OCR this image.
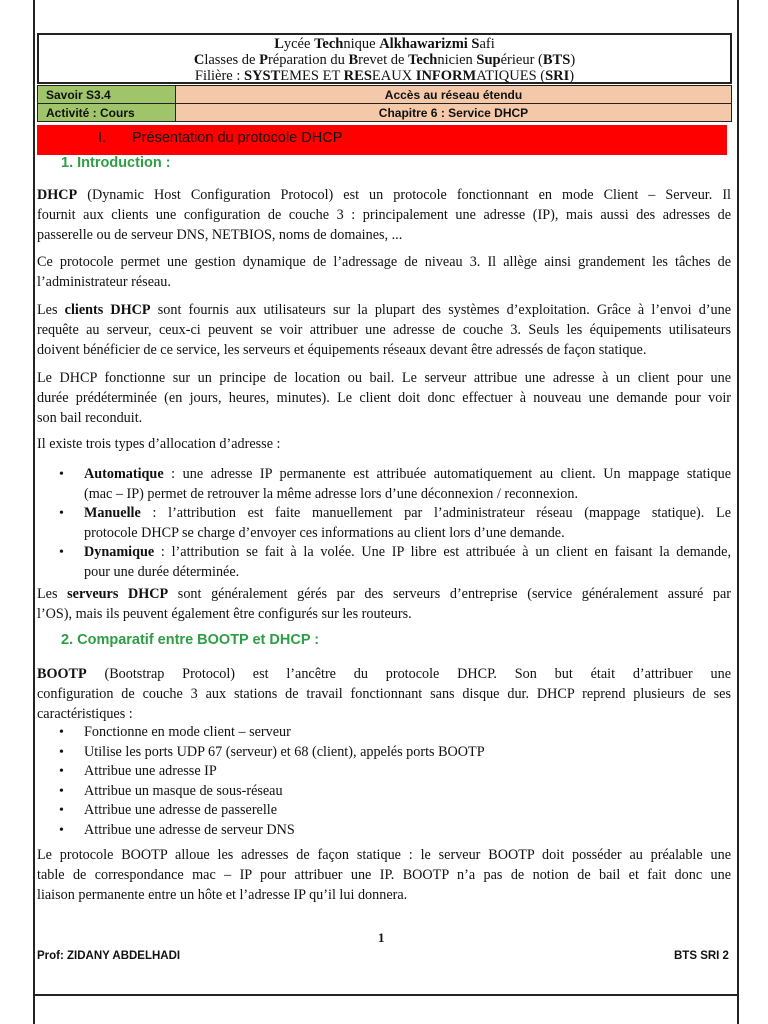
Lycée Technique Alkhawarizmi Safi
Classes de Préparation du Brevet de Technicien Supérieur (BTS)
Filière : SYSTEMES ET RESEAUX INFORMATIQUES (SRI)
Savoir S3.4	Accès au réseau étendu
Activité : Cours	Chapitre 6 : Service DHCP
I. Présentation du protocole DHCP
1. Introduction :

DHCP (Dynamic Host Configuration Protocol) est un protocole fonctionnant en mode Client – Serveur. Il
fournit aux clients une configuration de couche 3 : principalement une adresse (IP), mais aussi des adresses de
passerelle ou de serveur DNS, NETBIOS, noms de domaines, ...

Ce protocole permet une gestion dynamique de l’adressage de niveau 3. Il allège ainsi grandement les tâches de
l’administrateur réseau.

Les clients DHCP sont fournis aux utilisateurs sur la plupart des systèmes d’exploitation. Grâce à l’envoi d’une
requête au serveur, ceux-ci peuvent se voir attribuer une adresse de couche 3. Seuls les équipements utilisateurs
doivent bénéficier de ce service, les serveurs et équipements réseaux devant être adressés de façon statique.

Le DHCP fonctionne sur un principe de location ou bail. Le serveur attribue une adresse à un client pour une
durée prédéterminée (en jours, heures, minutes). Le client doit donc effectuer à nouveau une demande pour voir
son bail reconduit.

Il existe trois types d’allocation d’adresse :

• Automatique : une adresse IP permanente est attribuée automatiquement au client. Un mappage statique
(mac – IP) permet de retrouver la même adresse lors d’une déconnexion / reconnexion.
• Manuelle : l’attribution est faite manuellement par l’administrateur réseau (mappage statique). Le
protocole DHCP se charge d’envoyer ces informations au client lors d’une demande.
• Dynamique : l’attribution se fait à la volée. Une IP libre est attribuée à un client en faisant la demande,
pour une durée déterminée.

Les serveurs DHCP sont généralement gérés par des serveurs d’entreprise (service généralement assuré par
l’OS), mais ils peuvent également être configurés sur les routeurs.

2. Comparatif entre BOOTP et DHCP :

BOOTP (Bootstrap Protocol) est l’ancêtre du protocole DHCP. Son but était d’attribuer une
configuration de couche 3 aux stations de travail fonctionnant sans disque dur. DHCP reprend plusieurs de ses
caractéristiques :

• Fonctionne en mode client – serveur
• Utilise les ports UDP 67 (serveur) et 68 (client), appelés ports BOOTP
• Attribue une adresse IP
• Attribue un masque de sous-réseau
• Attribue une adresse de passerelle
• Attribue une adresse de serveur DNS

Le protocole BOOTP alloue les adresses de façon statique : le serveur BOOTP doit posséder au préalable une
table de correspondance mac – IP pour attribuer une IP. BOOTP n’a pas de notion de bail et fait donc une
liaison permanente entre un hôte et l’adresse IP qu’il lui donnera.

1
Prof: ZIDANY ABDELHADI	BTS SRI 2
